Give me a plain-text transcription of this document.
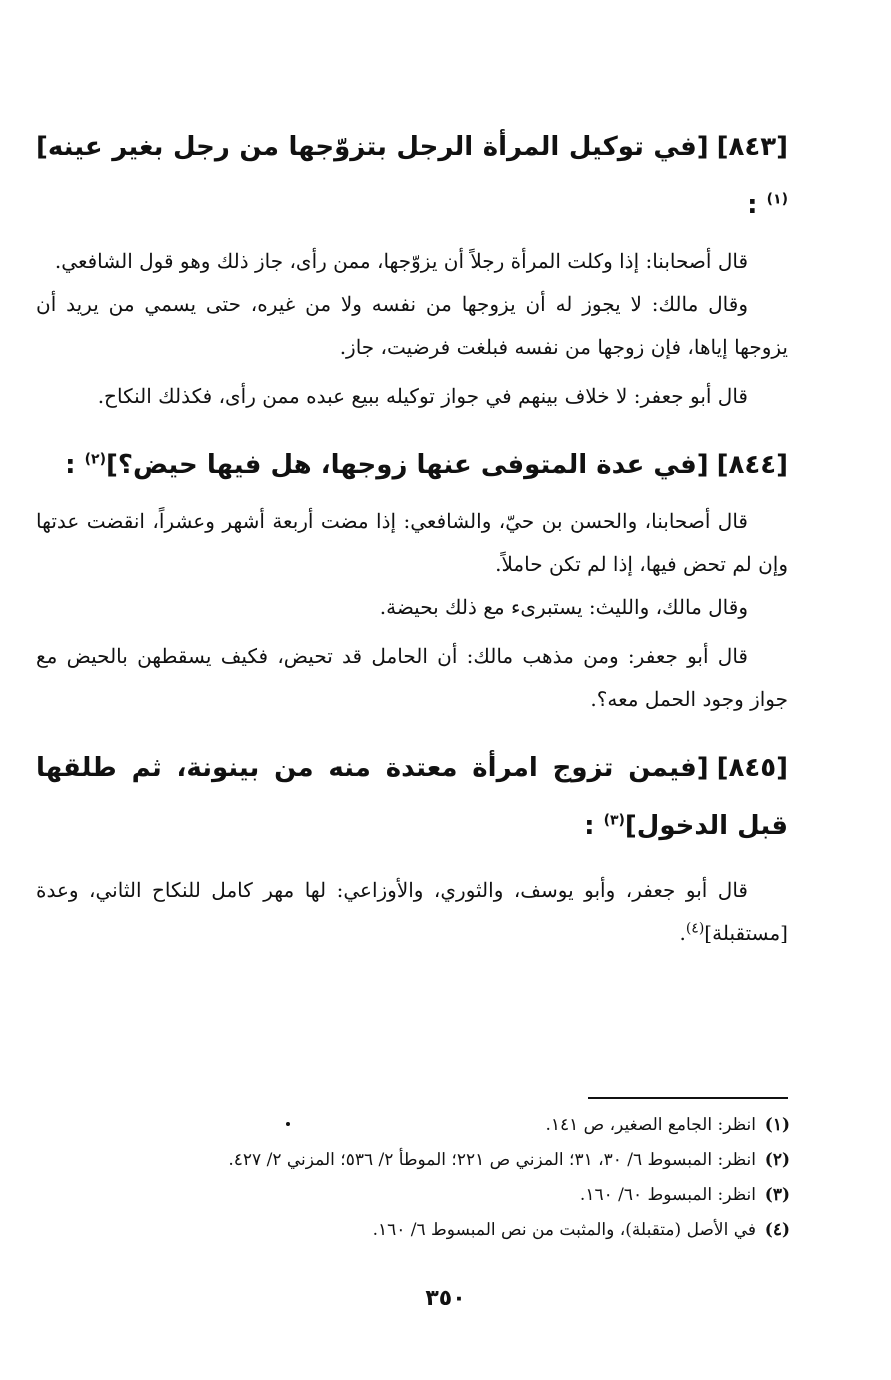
[٨٤٣][في توكيل المرأة الرجل بتزوّجها من رجل بغير عينه]$^{(١)}$ :

قال أصحابنا: إذا وكلت المرأة رجلاً أن يزوّجها، ممن رأى، جاز ذلك وهو قول الشافعي.

وقال مالك: لا يجوز له أن يزوجها من نفسه ولا من غيره، حتى يسمي من يريد أن يزوجها إياها، فإن زوجها من نفسه فبلغت فرضيت، جاز.

قال أبو جعفر: لا خلاف بينهم في جواز توكيله ببيع عبده ممن رأى، فكذلك النكاح.

[٨٤٤][في عدة المتوفى عنها زوجها، هل فيها حيض؟]$^{(٢)}$ :

قال أصحابنا، والحسن بن حيّ، والشافعي: إذا مضت أربعة أشهر وعشراً، انقضت عدتها وإن لم تحض فيها، إذا لم تكن حاملاً.

وقال مالك، والليث: يستبرىء مع ذلك بحيضة.

قال أبو جعفر: ومن مذهب مالك: أن الحامل قد تحيض، فكيف يسقطهن بالحيض مع جواز وجود الحمل معه؟.

[٨٤٥][فيمن تزوج امرأة معتدة منه من بينونة، ثم طلقها قبل الدخول]$^{(٣)}$ :

قال أبو جعفر، وأبو يوسف، والثوري، والأوزاعي: لها مهر كامل للنكاح الثاني، وعدة [مستقبلة]$^{(٤)}$.

(١)انظر: الجامع الصغير، ص ١٤١.
(٢)انظر: المبسوط ٦/ ٣٠، ٣١؛ المزني ص ٢٢١؛ الموطأ ٢/ ٥٣٦؛ المزني ٢/ ٤٢٧.
(٣)انظر: المبسوط ٦٠/ ١٦٠.
(٤)في الأصل (متقبلة)، والمثبت من نص المبسوط ٦/ ١٦٠.
٣٥٠
